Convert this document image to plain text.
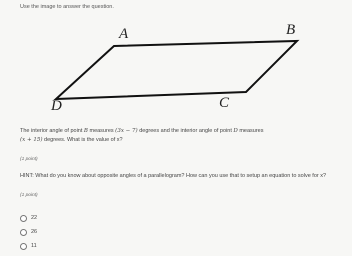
Use the image to answer the question.
A	B
C
D
The interior angle of point B measures (3x − 7) degrees and the interior angle of point D measures
(x + 15) degrees. What is the value of x?
(1 point)
HINT: What do you know about opposite angles of a parallelogram? How can you use that to setup an equation to solve for x?
(1 point)
22
26
11
